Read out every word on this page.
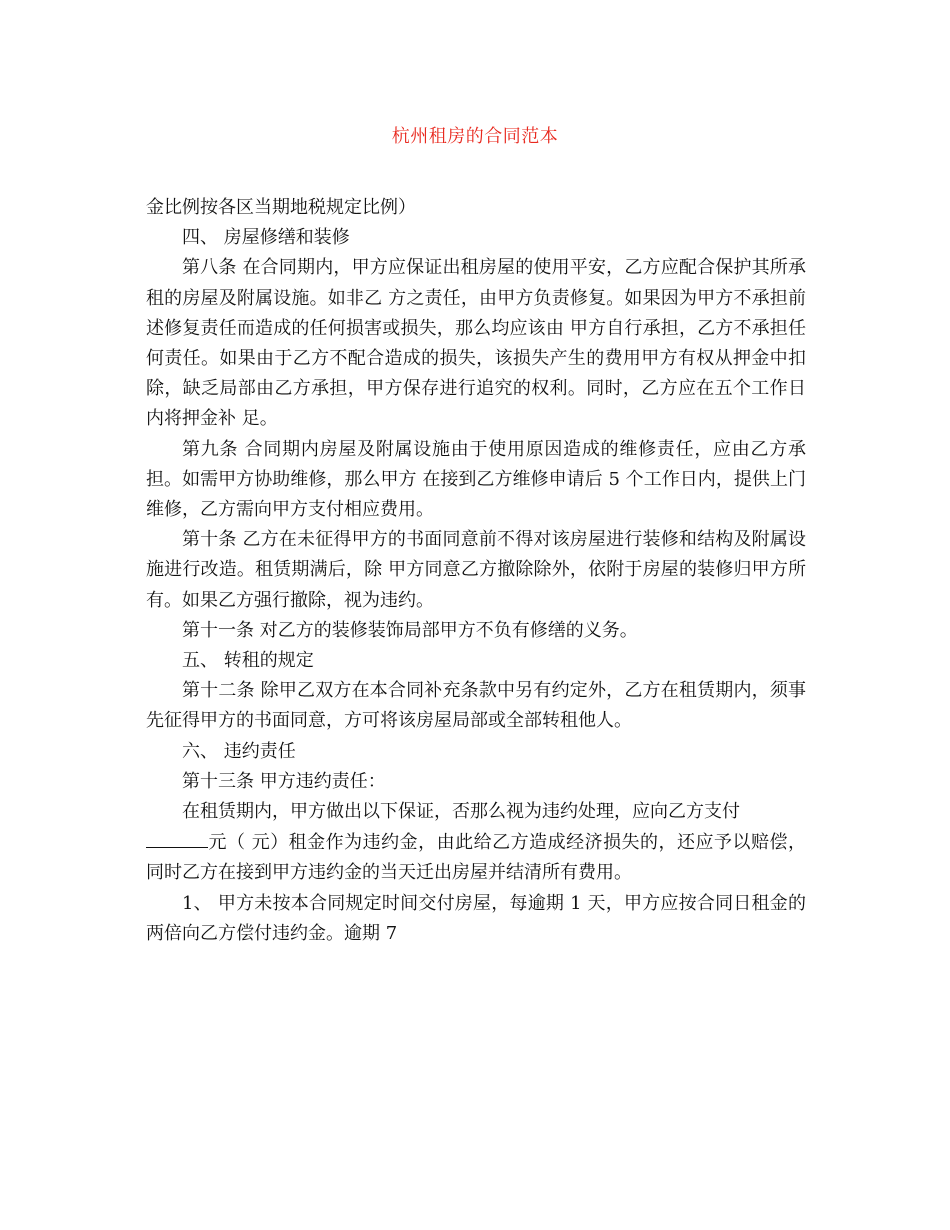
杭州租房的合同范本

金比例按各区当期地税规定比例）

四、 房屋修缮和装修

第八条 在合同期内，甲方应保证出租房屋的使用平安，乙方应配合保护其所承租的房屋及附属设施。如非乙 方之责任，由甲方负责修复。如果因为甲方不承担前述修复责任而造成的任何损害或损失，那么均应该由 甲方自行承担，乙方不承担任何责任。如果由于乙方不配合造成的损失，该损失产生的费用甲方有权从押金中扣除，缺乏局部由乙方承担，甲方保存进行追究的权利。同时，乙方应在五个工作日内将押金补 足。

第九条 合同期内房屋及附属设施由于使用原因造成的维修责任，应由乙方承担。如需甲方协助维修，那么甲方 在接到乙方维修申请后 5 个工作日内，提供上门维修，乙方需向甲方支付相应费用。

第十条 乙方在未征得甲方的书面同意前不得对该房屋进行装修和结构及附属设施进行改造。租赁期满后，除 甲方同意乙方撤除除外，依附于房屋的装修归甲方所有。如果乙方强行撤除，视为违约。

第十一条 对乙方的装修装饰局部甲方不负有修缮的义务。

五、 转租的规定

第十二条 除甲乙双方在本合同补充条款中另有约定外，乙方在租赁期内，须事先征得甲方的书面同意，方可将该房屋局部或全部转租他人。

六、 违约责任

第十三条 甲方违约责任：

在租赁期内，甲方做出以下保证，否那么视为违约处理，应向乙方支付

元（ 元）租金作为违约金，由此给乙方造成经济损失的，还应予以赔偿，同时乙方在接到甲方违约金的当天迁出房屋并结清所有费用。

1、 甲方未按本合同规定时间交付房屋，每逾期 1 天，甲方应按合同日租金的两倍向乙方偿付违约金。逾期 7
